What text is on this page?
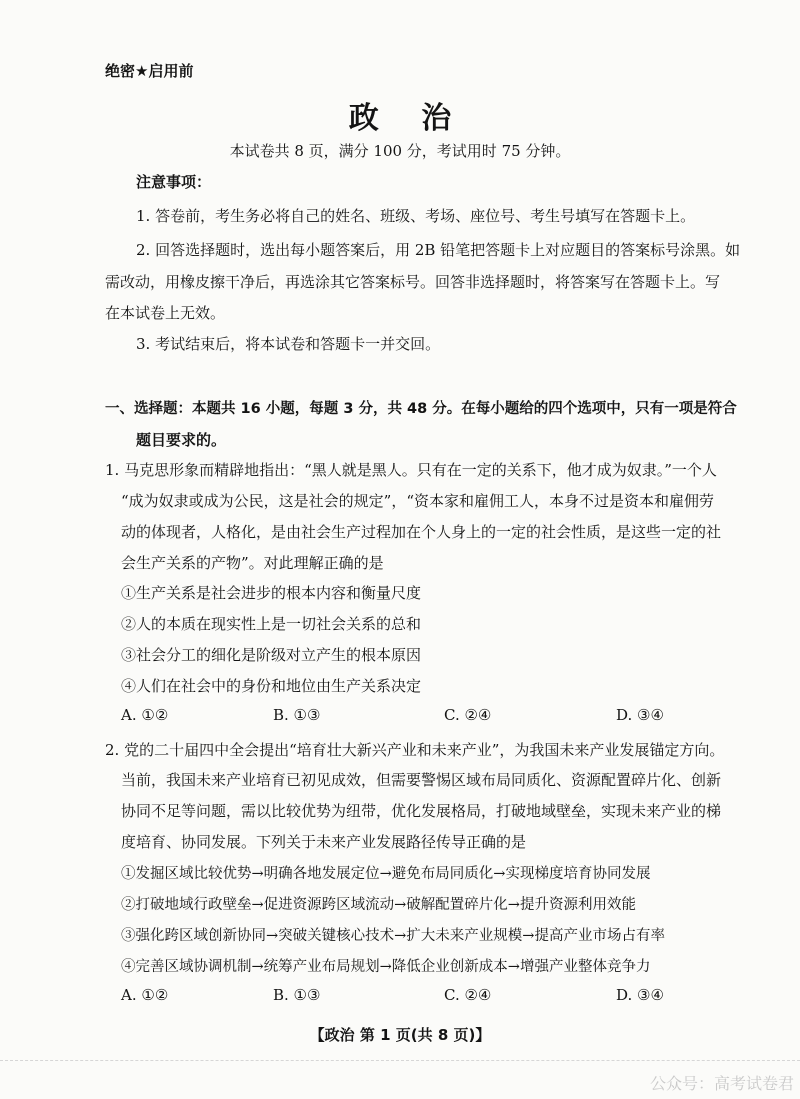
绝密★启用前
政 治
本试卷共 8 页，满分 100 分，考试用时 75 分钟。
注意事项：
1. 答卷前，考生务必将自己的姓名、班级、考场、座位号、考生号填写在答题卡上。
2. 回答选择题时，选出每小题答案后，用 2B 铅笔把答题卡上对应题目的答案标号涂黑。如
需改动，用橡皮擦干净后，再选涂其它答案标号。回答非选择题时，将答案写在答题卡上。写
在本试卷上无效。
3. 考试结束后，将本试卷和答题卡一并交回。
一、选择题：本题共 16 小题，每题 3 分，共 48 分。在每小题给的四个选项中，只有一项是符合
题目要求的。
1. 马克思形象而精辟地指出：“黑人就是黑人。只有在一定的关系下，他才成为奴隶。”一个人
“成为奴隶或成为公民，这是社会的规定”，“资本家和雇佣工人，本身不过是资本和雇佣劳
动的体现者，人格化，是由社会生产过程加在个人身上的一定的社会性质，是这些一定的社
会生产关系的产物”。对此理解正确的是
①生产关系是社会进步的根本内容和衡量尺度
②人的本质在现实性上是一切社会关系的总和
③社会分工的细化是阶级对立产生的根本原因
④人们在社会中的身份和地位由生产关系决定
A. ①②	B. ①③	C. ②④	D. ③④
2. 党的二十届四中全会提出“培育壮大新兴产业和未来产业”，为我国未来产业发展锚定方向。
当前，我国未来产业培育已初见成效，但需要警惕区域布局同质化、资源配置碎片化、创新
协同不足等问题，需以比较优势为纽带，优化发展格局，打破地域壁垒，实现未来产业的梯
度培育、协同发展。下列关于未来产业发展路径传导正确的是
①发掘区域比较优势→明确各地发展定位→避免布局同质化→实现梯度培育协同发展
②打破地域行政壁垒→促进资源跨区域流动→破解配置碎片化→提升资源利用效能
③强化跨区域创新协同→突破关键核心技术→扩大未来产业规模→提高产业市场占有率
④完善区域协调机制→统筹产业布局规划→降低企业创新成本→增强产业整体竞争力
A. ①②	B. ①③	C. ②④	D. ③④
【政治 第 1 页(共 8 页)】
公众号：高考试卷君
